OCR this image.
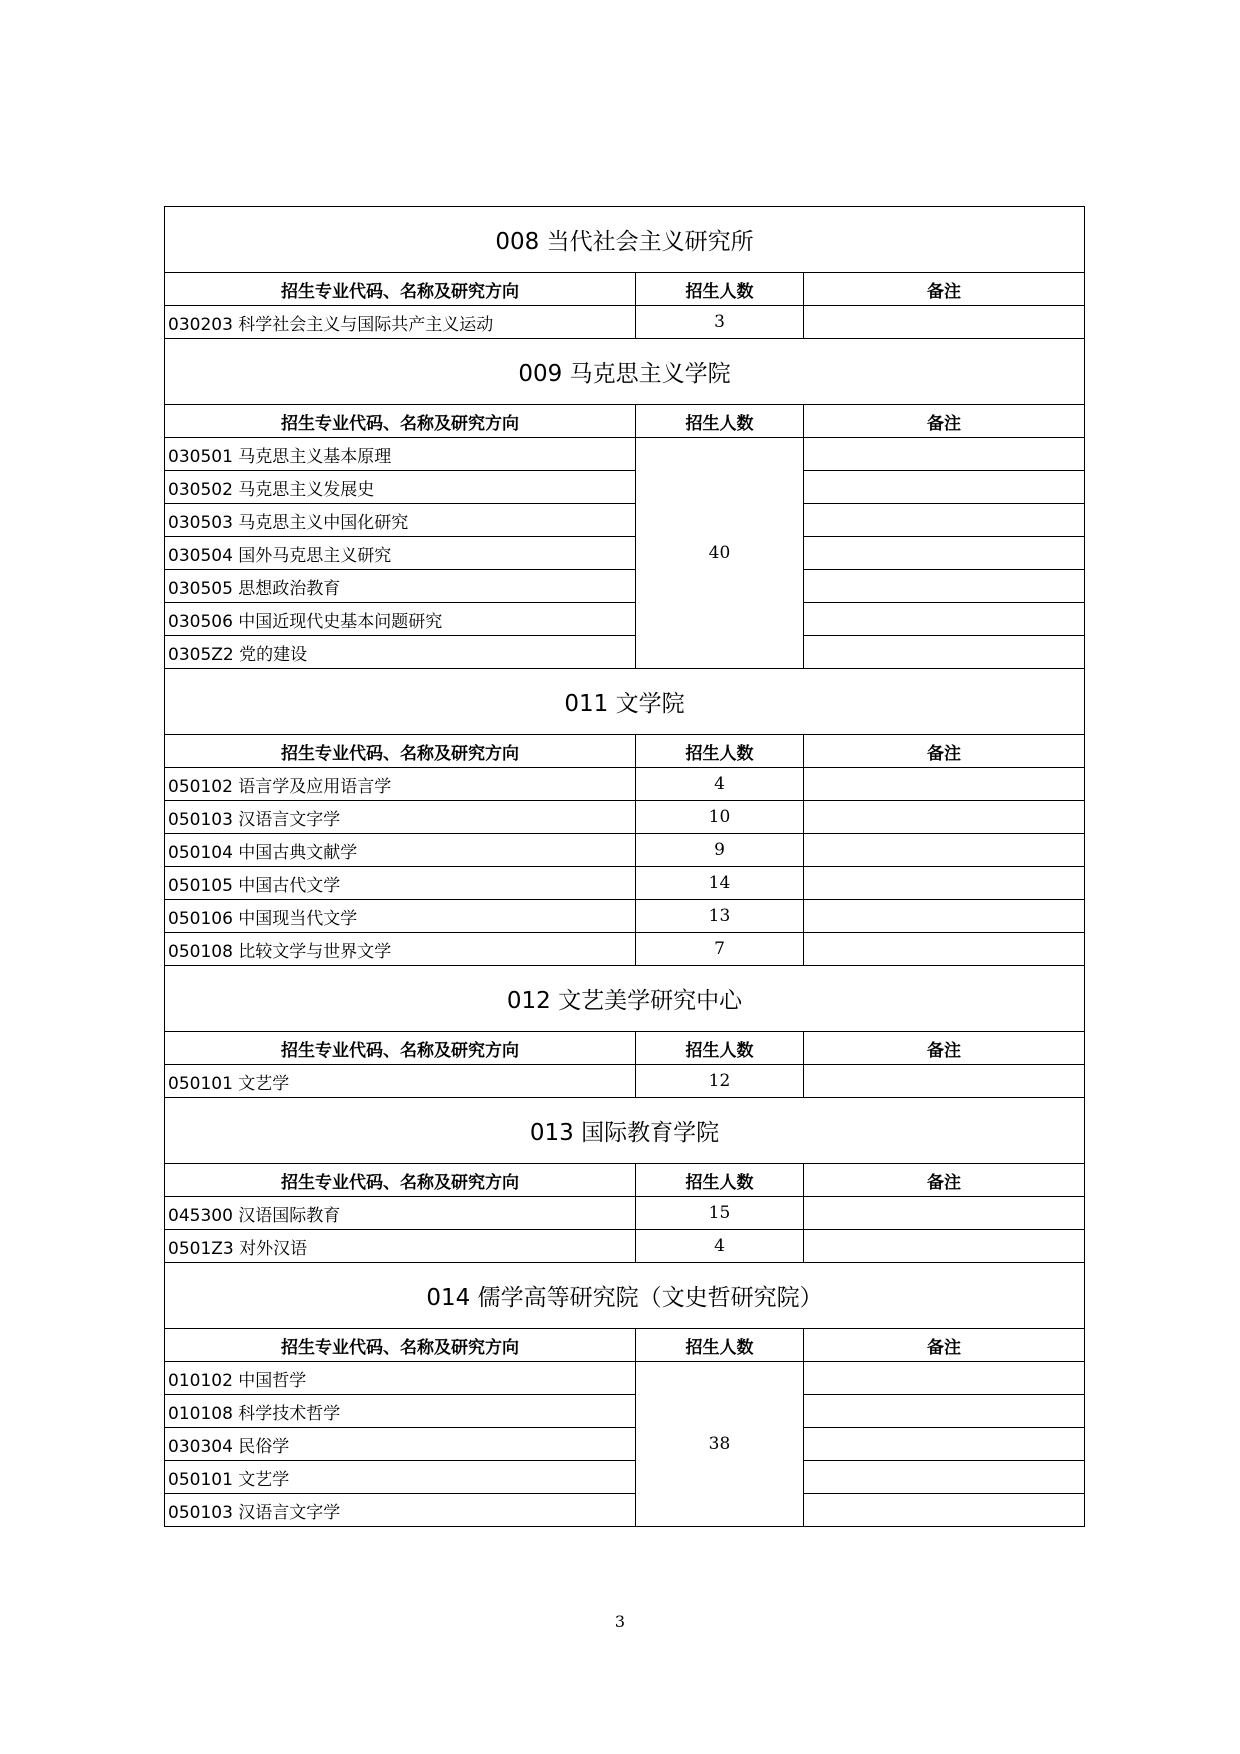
008 当代社会主义研究所		
招生专业代码、名称及研究方向	招生人数	备注
030203 科学社会主义与国际共产主义运动	3	
009 马克思主义学院		
招生专业代码、名称及研究方向	招生人数	备注
030501 马克思主义基本原理	40	
030502 马克思主义发展史		
030503 马克思主义中国化研究		
030504 国外马克思主义研究		
030505 思想政治教育		
030506 中国近现代史基本问题研究		
0305Z2 党的建设		
011 文学院		
招生专业代码、名称及研究方向	招生人数	备注
050102 语言学及应用语言学	4	
050103 汉语言文字学	10	
050104 中国古典文献学	9	
050105 中国古代文学	14	
050106 中国现当代文学	13	
050108 比较文学与世界文学	7	
012 文艺美学研究中心		
招生专业代码、名称及研究方向	招生人数	备注
050101 文艺学	12	
013 国际教育学院		
招生专业代码、名称及研究方向	招生人数	备注
045300 汉语国际教育	15	
0501Z3 对外汉语	4	
014 儒学高等研究院（文史哲研究院）		
招生专业代码、名称及研究方向	招生人数	备注
010102 中国哲学	38	
010108 科学技术哲学		
030304 民俗学		
050101 文艺学		
050103 汉语言文字学		
3
